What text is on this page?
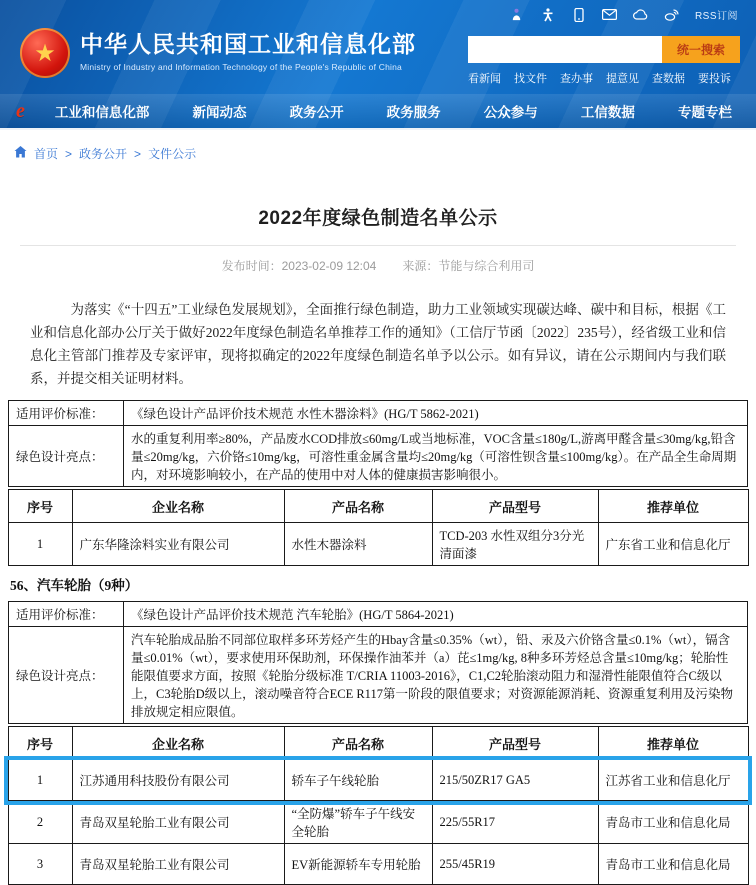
RSS订阅
★	中华人民共和国工业和信息化部
Ministry of Industry and Information Technology of the People's Republic of China
统一搜索
看新闻 找文件 查办事 提意见 查数据 要投诉
e 工业和信息化部	新闻动态	政务公开	政务服务	公众参与	工信数据	专题专栏
首页 > 政务公开 > 文件公示
2022年度绿色制造名单公示
发布时间：2023-02-09 12:04 来源：节能与综合利用司

为落实《“十四五”工业绿色发展规划》，全面推行绿色制造，助力工业领域实现碳达峰、碳中和目标，根据《工业和信息化部办公厅关于做好2022年度绿色制造名单推荐工作的通知》（工信厅节函〔2022〕235号），经省级工业和信息化主管部门推荐及专家评审，现将拟确定的2022年度绿色制造名单予以公示。如有异议，请在公示期间内与我们联系，并提交相关证明材料。

适用评价标准：	《绿色设计产品评价技术规范 水性木器涂料》(HG/T 5862-2021)
绿色设计亮点：	水的重复利用率≥80%，产品废水COD排放≤60mg/L或当地标准，VOC含量≤180g/L,游离甲醛含量≤30mg/kg,铅含量≤20mg/kg，六价铬≤10mg/kg，可溶性重金属含量均≤20mg/kg（可溶性钡含量≤100mg/kg）。在产品全生命周期内，对环境影响较小，在产品的使用中对人体的健康损害影响很小。
序号	企业名称	产品名称	产品型号	推荐单位
1	广东华隆涂料实业有限公司	水性木器涂料	TCD-203 水性双组分3分光清面漆	广东省工业和信息化厅
56、汽车轮胎（9种）
适用评价标准：	《绿色设计产品评价技术规范 汽车轮胎》(HG/T 5864-2021)
绿色设计亮点：	汽车轮胎成品胎不同部位取样多环芳烃产生的Hbay含量≤0.35%（wt），铅、汞及六价铬含量≤0.1%（wt），镉含量≤0.01%（wt），要求使用环保助剂，环保操作油苯并（a）芘≤1mg/kg, 8种多环芳烃总含量≤10mg/kg；轮胎性能限值要求方面，按照《轮胎分级标准 T/CRIA 11003-2016》，C1,C2轮胎滚动阻力和湿滑性能限值符合C级以上，C3轮胎D级以上，滚动噪音符合ECE R117第一阶段的限值要求；对资源能源消耗、资源重复利用及污染物排放规定相应限值。
序号	企业名称	产品名称	产品型号	推荐单位
1	江苏通用科技股份有限公司	轿车子午线轮胎	215/50ZR17 GA5	江苏省工业和信息化厅
2	青岛双星轮胎工业有限公司	“全防爆”轿车子午线安全轮胎	225/55R17	青岛市工业和信息化局
3	青岛双星轮胎工业有限公司	EV新能源轿车专用轮胎	255/45R19	青岛市工业和信息化局
